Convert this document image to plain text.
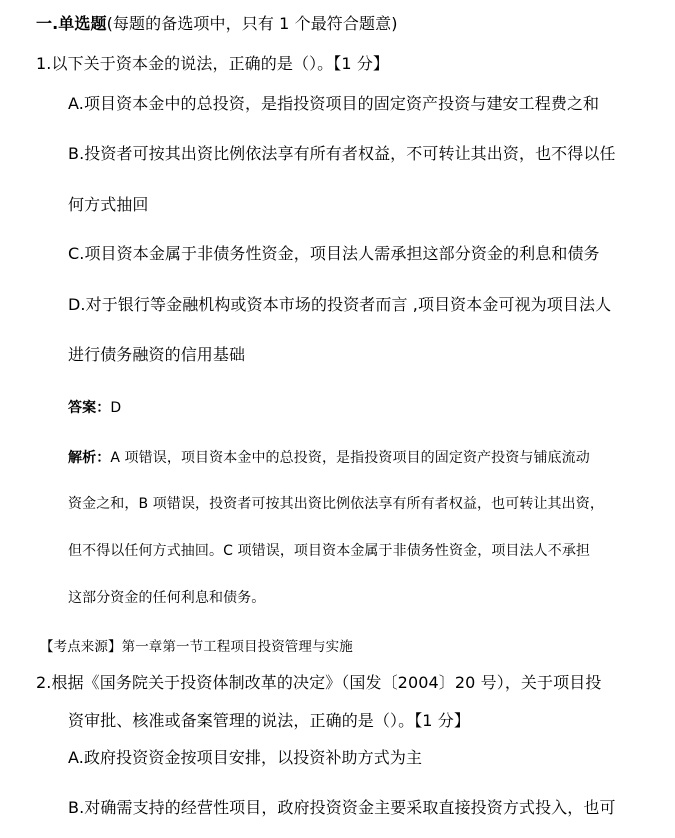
一.单选题(每题的备选项中，只有 1 个最符合题意)
1.以下关于资本金的说法，正确的是（）。【1 分】
A.项目资本金中的总投资，是指投资项目的固定资产投资与建安工程费之和
B.投资者可按其出资比例依法享有所有者权益，不可转让其出资，也不得以任
何方式抽回
C.项目资本金属于非债务性资金，项目法人需承担这部分资金的利息和债务
D.对于银行等金融机构或资本市场的投资者而言 ,项目资本金可视为项目法人
进行债务融资的信用基础
答案：D
解析：A 项错误，项目资本金中的总投资，是指投资项目的固定资产投资与铺底流动
资金之和，B 项错误，投资者可按其出资比例依法享有所有者权益，也可转让其出资，
但不得以任何方式抽回。C 项错误，项目资本金属于非债务性资金，项目法人不承担
这部分资金的任何利息和债务。
【考点来源】第一章第一节工程项目投资管理与实施
2.根据《国务院关于投资体制改革的决定》（国发〔2004〕20 号），关于项目投
资审批、核准或备案管理的说法，正确的是（）。【1 分】
A.政府投资资金按项目安排，以投资补助方式为主
B.对确需支持的经营性项目，政府投资资金主要采取直接投资方式投入，也可
